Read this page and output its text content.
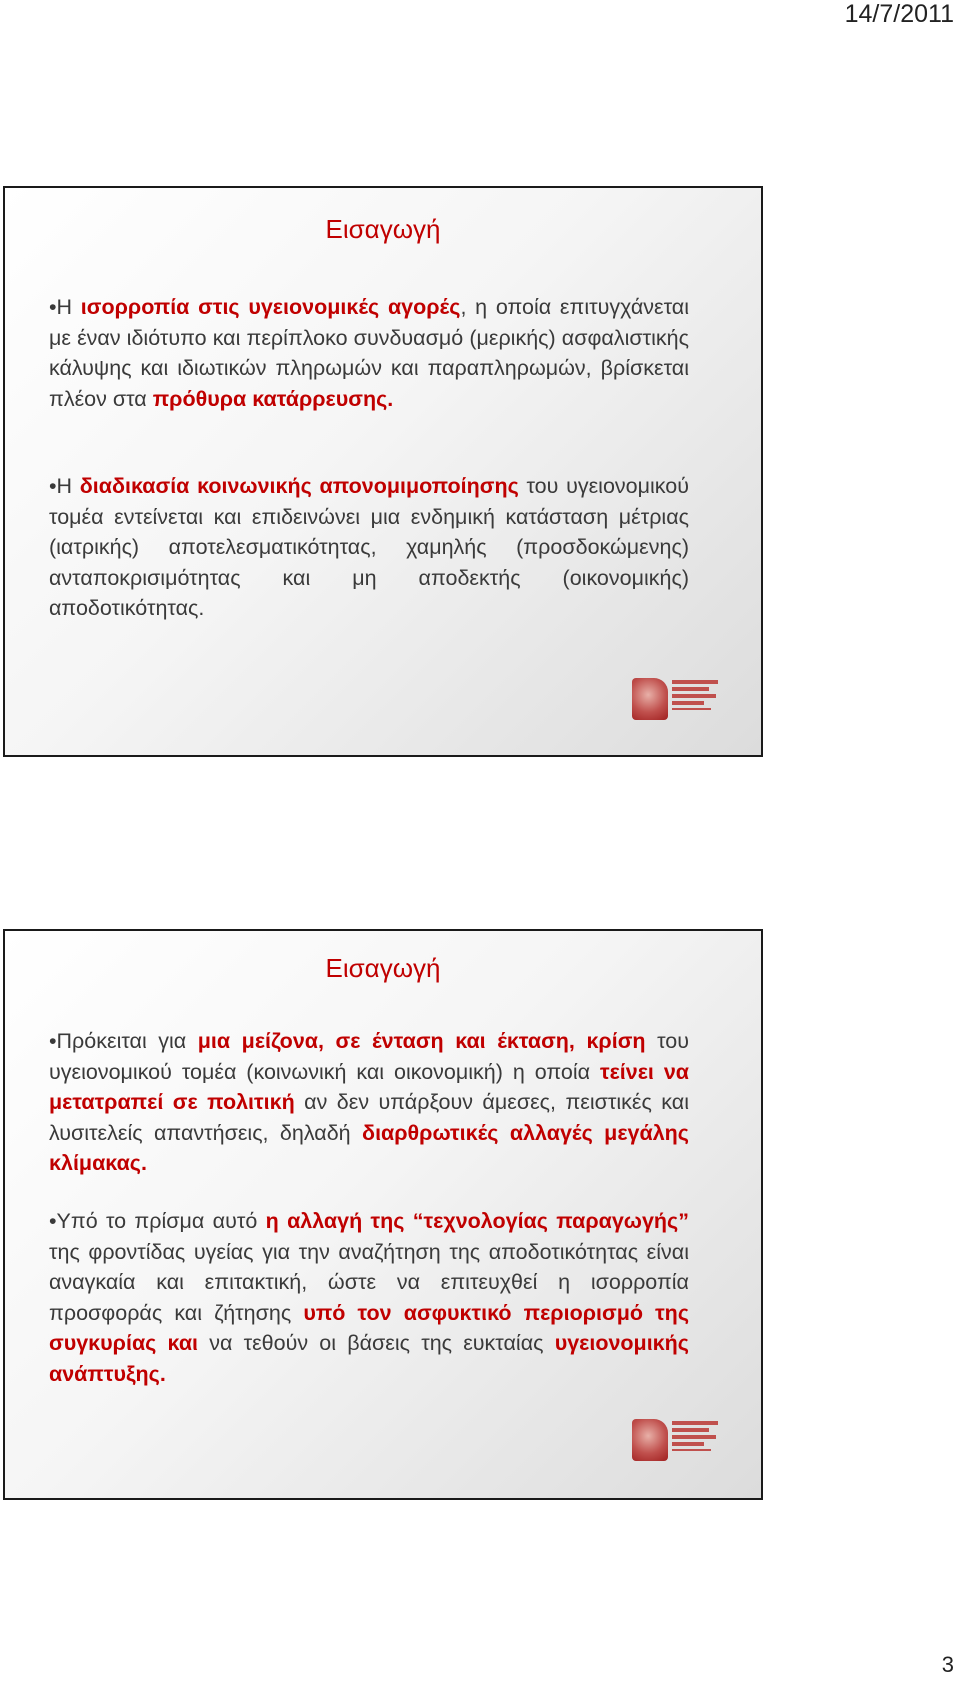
14/7/2011
Εισαγωγή
•Η ισορροπία στις υγειονομικές αγορές, η οποία επιτυγχάνεται με έναν ιδιότυπο και περίπλοκο συνδυασμό (μερικής) ασφαλιστικής κάλυψης και ιδιωτικών πληρωμών και παραπληρωμών, βρίσκεται πλέον στα πρόθυρα κατάρρευσης.
•Η διαδικασία κοινωνικής απονομιμοποίησης του υγειονομικού τομέα εντείνεται και επιδεινώνει μια ενδημική κατάσταση μέτριας (ιατρικής) αποτελεσματικότητας, χαμηλής (προσδοκώμενης) ανταποκρισιμότητας και μη αποδεκτής (οικονομικής) αποδοτικότητας.
Εισαγωγή
•Πρόκειται για μια μείζονα, σε ένταση και έκταση, κρίση του υγειονομικού τομέα (κοινωνική και οικονομική) η οποία τείνει να μετατραπεί σε πολιτική αν δεν υπάρξουν άμεσες, πειστικές και λυσιτελείς απαντήσεις, δηλαδή διαρθρωτικές αλλαγές μεγάλης κλίμακας.
•Υπό το πρίσμα αυτό η αλλαγή της “τεχνολογίας παραγωγής” της φροντίδας υγείας για την αναζήτηση της αποδοτικότητας είναι αναγκαία και επιτακτική, ώστε να επιτευχθεί η ισορροπία προσφοράς και ζήτησης υπό τον ασφυκτικό περιορισμό της συγκυρίας και να τεθούν οι βάσεις της ευκταίας υγειονομικής ανάπτυξης.
3
